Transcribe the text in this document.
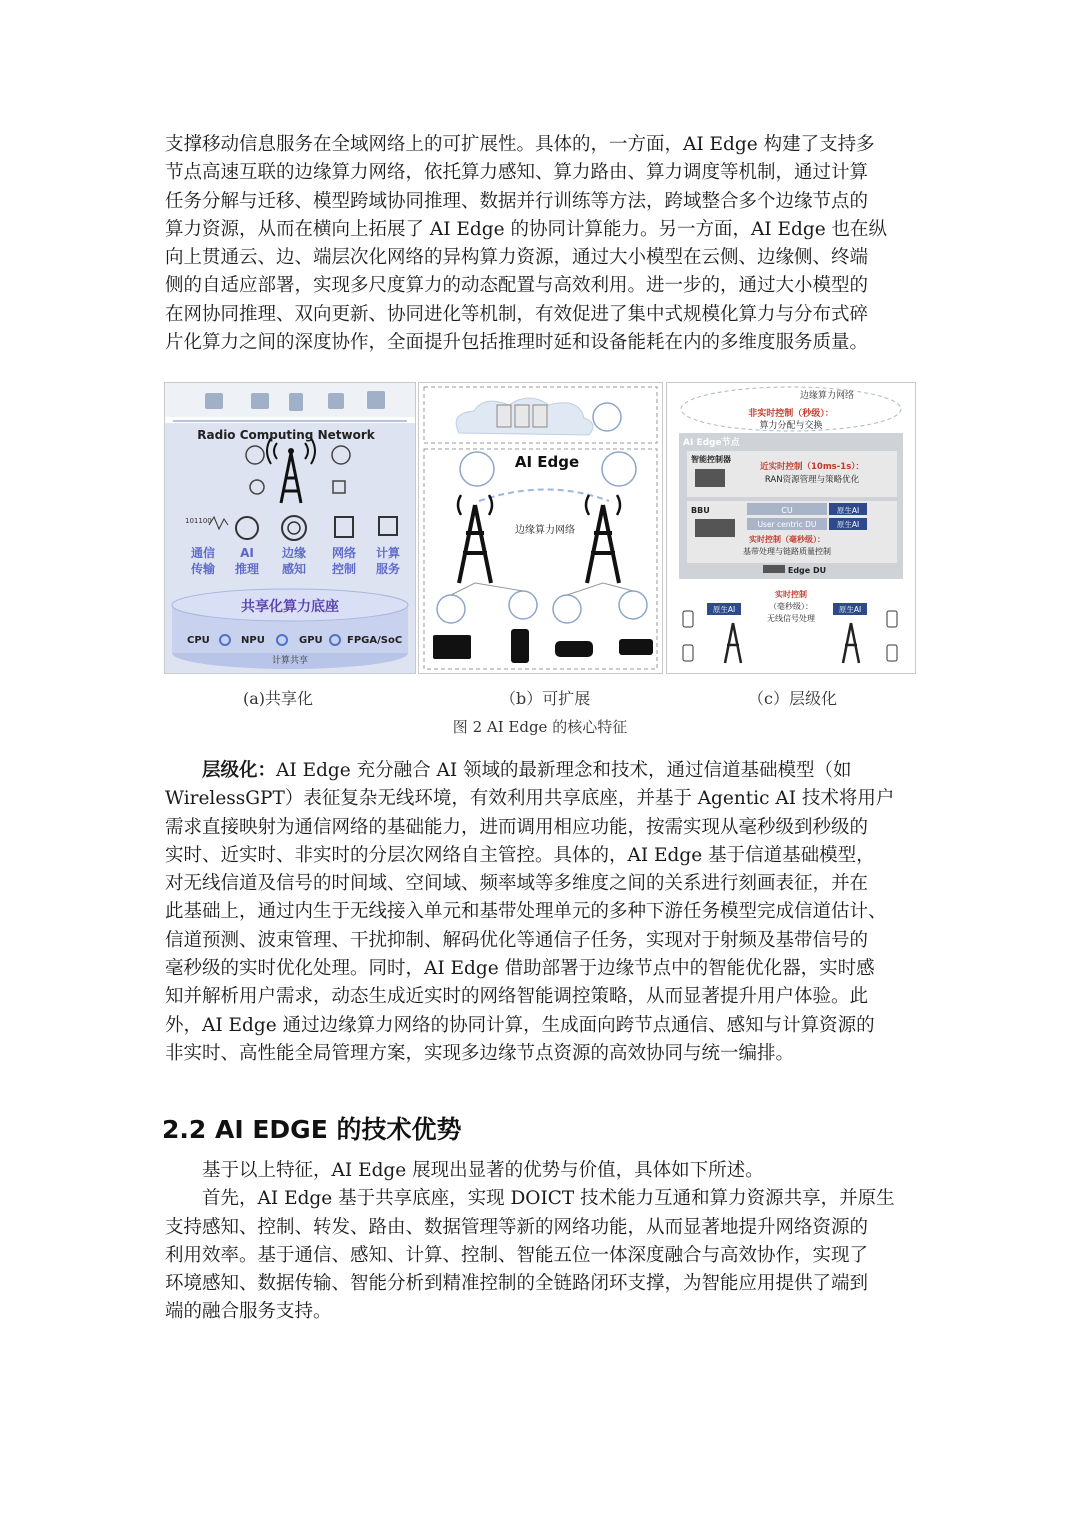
支撑移动信息服务在全域网络上的可扩展性。具体的，一方面，AI Edge 构建了支持多
节点高速互联的边缘算力网络，依托算力感知、算力路由、算力调度等机制，通过计算
任务分解与迁移、模型跨域协同推理、数据并行训练等方法，跨域整合多个边缘节点的
算力资源，从而在横向上拓展了 AI Edge 的协同计算能力。另一方面，AI Edge 也在纵
向上贯通云、边、端层次化网络的异构算力资源，通过大小模型在云侧、边缘侧、终端
侧的自适应部署，实现多尺度算力的动态配置与高效利用。进一步的，通过大小模型的
在网协同推理、双向更新、协同进化等机制，有效促进了集中式规模化算力与分布式碎
片化算力之间的深度协作，全面提升包括推理时延和设备能耗在内的多维度服务质量。
Radio Computing Network
101100
通信
传输
AI
推理
边缘
感知
网络
控制
计算
服务
共享化算力底座
CPU	NPU	GPU FPGA/SoC
计算共享
AI Edge
边缘算力网络
边缘算力网络
非实时控制（秒级）：
算力分配与交换
AI Edge节点
智能控制器
近实时控制（10ms-1s）：
RAN资源管理与策略优化
BBU	CU	原生AI
User centric DU	原生AI
实时控制（毫秒级）：
基带处理与链路质量控制
Edge DU
实时控制
（毫秒级）：
无线信号处理
原生AI	原生AI
(a)共享化	（b）可扩展	（c）层级化
图 2 AI Edge 的核心特征
　　层级化：AI Edge 充分融合 AI 领域的最新理念和技术，通过信道基础模型（如
WirelessGPT）表征复杂无线环境，有效利用共享底座，并基于 Agentic AI 技术将用户
需求直接映射为通信网络的基础能力，进而调用相应功能，按需实现从毫秒级到秒级的
实时、近实时、非实时的分层次网络自主管控。具体的，AI Edge 基于信道基础模型，
对无线信道及信号的时间域、空间域、频率域等多维度之间的关系进行刻画表征，并在
此基础上，通过内生于无线接入单元和基带处理单元的多种下游任务模型完成信道估计、
信道预测、波束管理、干扰抑制、解码优化等通信子任务，实现对于射频及基带信号的
毫秒级的实时优化处理。同时，AI Edge 借助部署于边缘节点中的智能优化器，实时感
知并解析用户需求，动态生成近实时的网络智能调控策略，从而显著提升用户体验。此
外，AI Edge 通过边缘算力网络的协同计算，生成面向跨节点通信、感知与计算资源的
非实时、高性能全局管理方案，实现多边缘节点资源的高效协同与统一编排。
2.2 AI EDGE 的技术优势
　　基于以上特征，AI Edge 展现出显著的优势与价值，具体如下所述。
　　首先，AI Edge 基于共享底座，实现 DOICT 技术能力互通和算力资源共享，并原生
支持感知、控制、转发、路由、数据管理等新的网络功能，从而显著地提升网络资源的
利用效率。基于通信、感知、计算、控制、智能五位一体深度融合与高效协作，实现了
环境感知、数据传输、智能分析到精准控制的全链路闭环支撑，为智能应用提供了端到
端的融合服务支持。
